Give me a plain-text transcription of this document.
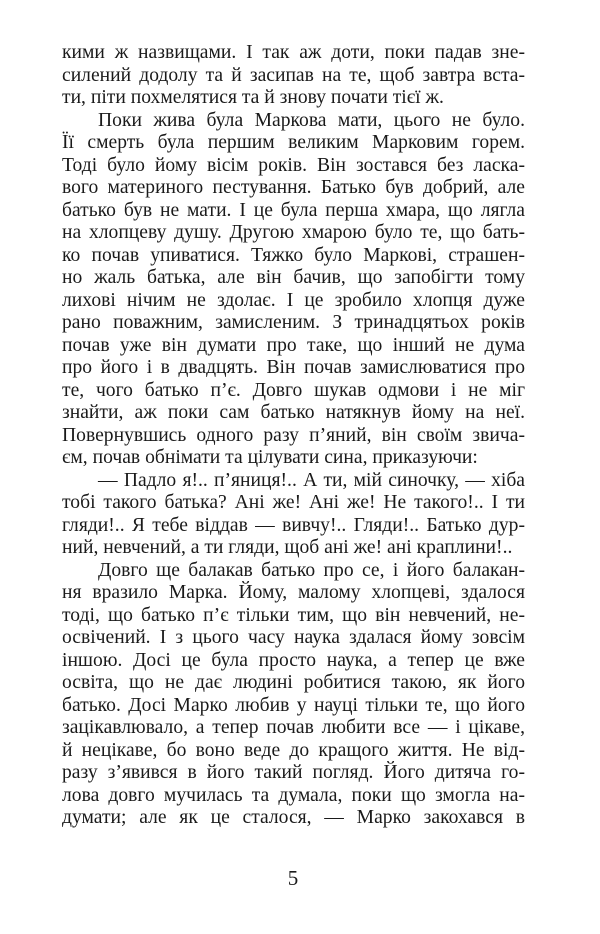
кими ж назвищами. І так аж доти, поки падав зне-
силений додолу та й засипав на те, щоб завтра вста-
ти, піти похмелятися та й знову почати тієї ж.
Поки жива була Маркова мати, цього не було.
Її смерть була першим великим Марковим горем.
Тоді було йому вісім років. Він зостався без ласка-
вого материного пестування. Батько був добрий, але
батько був не мати. І це була перша хмара, що лягла
на хлопцеву душу. Другою хмарою було те, що бать-
ко почав упиватися. Тяжко було Маркові, страшен-
но жаль батька, але він бачив, що запобігти тому
лихові нічим не здолає. І це зробило хлопця дуже
рано поважним, замисленим. З тринадцятьох років
почав уже він думати про таке, що інший не дума
про його і в двадцять. Він почав замислюватися про
те, чого батько п’є. Довго шукав одмови і не міг
знайти, аж поки сам батько натякнув йому на неї.
Повернувшись одного разу п’яний, він своїм звича-
єм, почав обнімати та цілувати сина, приказуючи:
— Падло я!.. п’яниця!.. А ти, мій синочку, — хіба
тобі такого батька? Ані же! Ані же! Не такого!.. І ти
гляди!.. Я тебе віддав — вивчу!.. Гляди!.. Батько дур-
ний, невчений, а ти гляди, щоб ані же! ані краплини!..
Довго ще балакав батько про се, і його балакан-
ня вразило Марка. Йому, малому хлопцеві, здалося
тоді, що батько п’є тільки тим, що він невчений, не-
освічений. І з цього часу наука здалася йому зовсім
іншою. Досі це була просто наука, а тепер це вже
освіта, що не дає людині робитися такою, як його
батько. Досі Марко любив у науці тільки те, що його
зацікавлювало, а тепер почав любити все — і цікаве,
й нецікаве, бо воно веде до кращого життя. Не від-
разу з’явився в його такий погляд. Його дитяча го-
лова довго мучилась та думала, поки що змогла на-
думати; але як це сталося, — Марко закохався в
5
